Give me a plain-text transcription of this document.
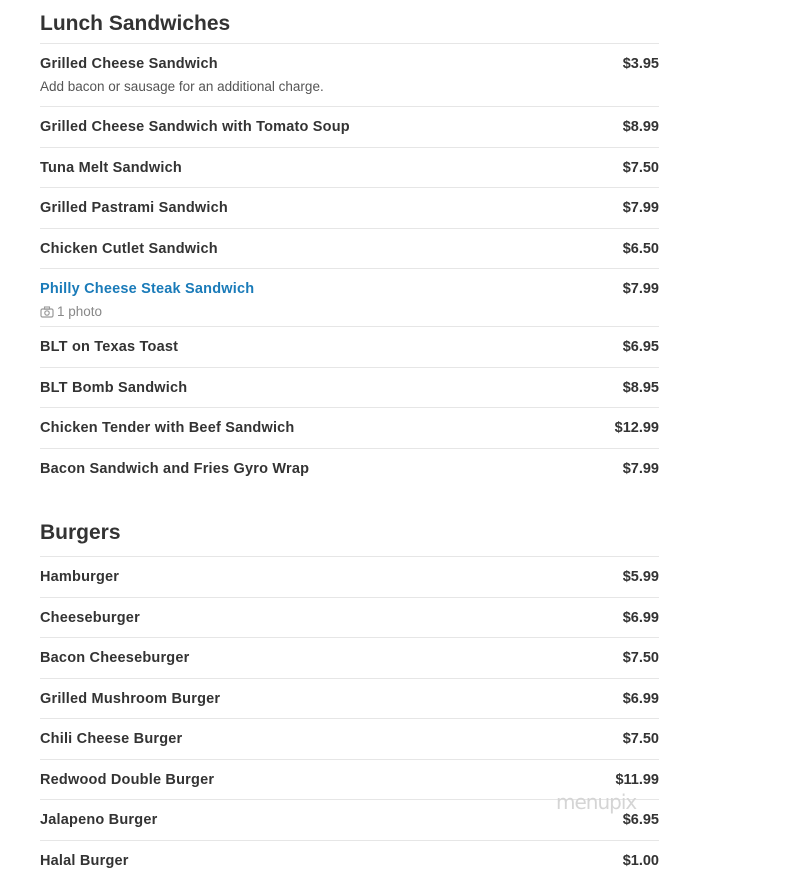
Lunch Sandwiches
Grilled Cheese Sandwich	$3.95
Add bacon or sausage for an additional charge.
Grilled Cheese Sandwich with Tomato Soup	$8.99
Tuna Melt Sandwich	$7.50
Grilled Pastrami Sandwich	$7.99
Chicken Cutlet Sandwich	$6.50
Philly Cheese Steak Sandwich	$7.99
1 photo
BLT on Texas Toast	$6.95
BLT Bomb Sandwich	$8.95
Chicken Tender with Beef Sandwich	$12.99
Bacon Sandwich and Fries Gyro Wrap	$7.99
Burgers
Hamburger	$5.99
Cheeseburger	$6.99
Bacon Cheeseburger	$7.50
Grilled Mushroom Burger	$6.99
Chili Cheese Burger	$7.50
Redwood Double Burger	$11.99
Jalapeno Burger	$6.95
Halal Burger	$1.00
menupix
